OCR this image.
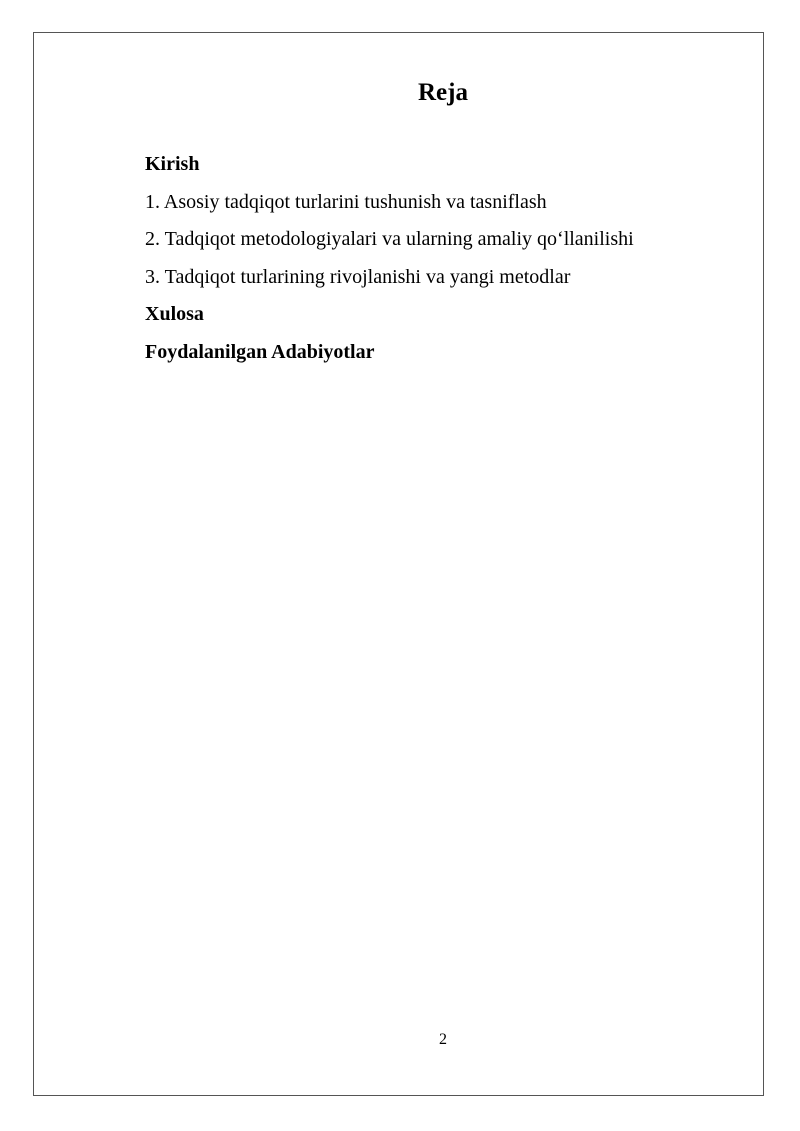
Reja
Kirish
1. Asosiy tadqiqot turlarini tushunish va tasniflash
2. Tadqiqot metodologiyalari va ularning amaliy qo‘llanilishi
3. Tadqiqot turlarining rivojlanishi va yangi metodlar
Xulosa
Foydalanilgan Adabiyotlar
2
